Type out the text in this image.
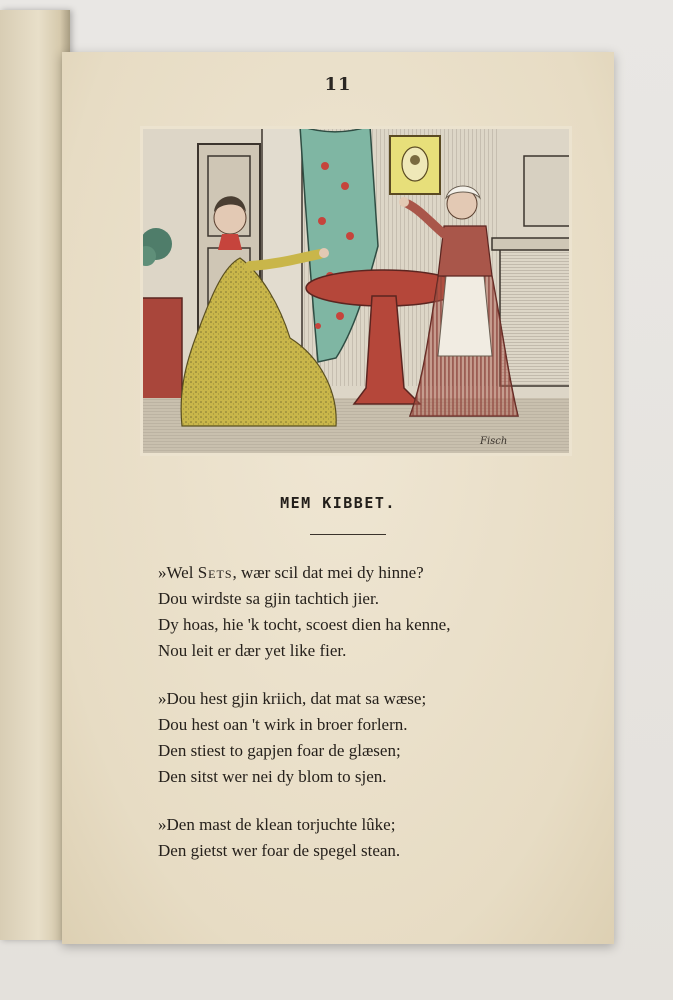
11
Fisch
MEM KIBBET.
»Wel Sets, wær scil dat mei dy hinne?
Dou wirdste sa gjin tachtich jier.
Dy hoas, hie 'k tocht, scoest dien ha kenne,
Nou leit er dær yet like fier.
»Dou hest gjin kriich, dat mat sa wæse;
Dou hest oan 't wirk in broer forlern.
Den stiest to gapjen foar de glæsen;
Den sitst wer nei dy blom to sjen.
»Den mast de klean torjuchte lûke;
Den gietst wer foar de spegel stean.
